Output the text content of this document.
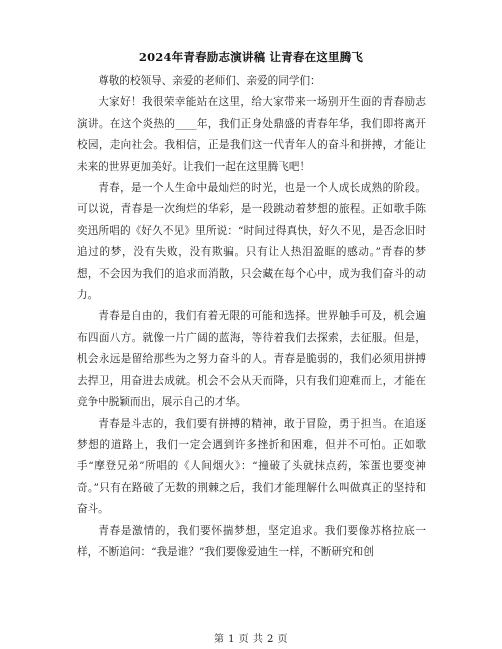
2024年青春励志演讲稿 让青春在这里腾飞

尊敬的校领导、亲爱的老师们、亲爱的同学们：

大家好！我很荣幸能站在这里，给大家带来一场别开生面的青春励志演讲。在这个炎热的____年，我们正身处鼎盛的青春年华，我们即将离开校园，走向社会。我相信，正是我们这一代青年人的奋斗和拼搏，才能让未来的世界更加美好。让我们一起在这里腾飞吧！

青春，是一个人生命中最灿烂的时光，也是一个人成长成熟的阶段。可以说，青春是一次绚烂的华彩，是一段跳动着梦想的旅程。正如歌手陈奕迅所唱的《好久不见》里所说：“时间过得真快，好久不见，是否念旧时追过的梦，没有失败，没有欺骗。只有让人热泪盈眶的感动。”青春的梦想，不会因为我们的追求而消散，只会藏在每个心中，成为我们奋斗的动力。

青春是自由的，我们有着无限的可能和选择。世界触手可及，机会遍布四面八方。就像一片广阔的蓝海，等待着我们去探索，去征服。但是，机会永远是留给那些为之努力奋斗的人。青春是脆弱的，我们必须用拼搏去捍卫，用奋进去成就。机会不会从天而降，只有我们迎难而上，才能在竞争中脱颖而出，展示自己的才华。

青春是斗志的，我们要有拼搏的精神，敢于冒险，勇于担当。在追逐梦想的道路上，我们一定会遇到许多挫折和困难，但并不可怕。正如歌手“摩登兄弟”所唱的《人间烟火》：“撞破了头就抹点药，笨蛋也要变神奇。”只有在路破了无数的荆棘之后，我们才能理解什么叫做真正的坚持和奋斗。

青春是激情的，我们要怀揣梦想，坚定追求。我们要像苏格拉底一样，不断追问：“我是谁？”我们要像爱迪生一样，不断研究和创

第 1 页 共 2 页
